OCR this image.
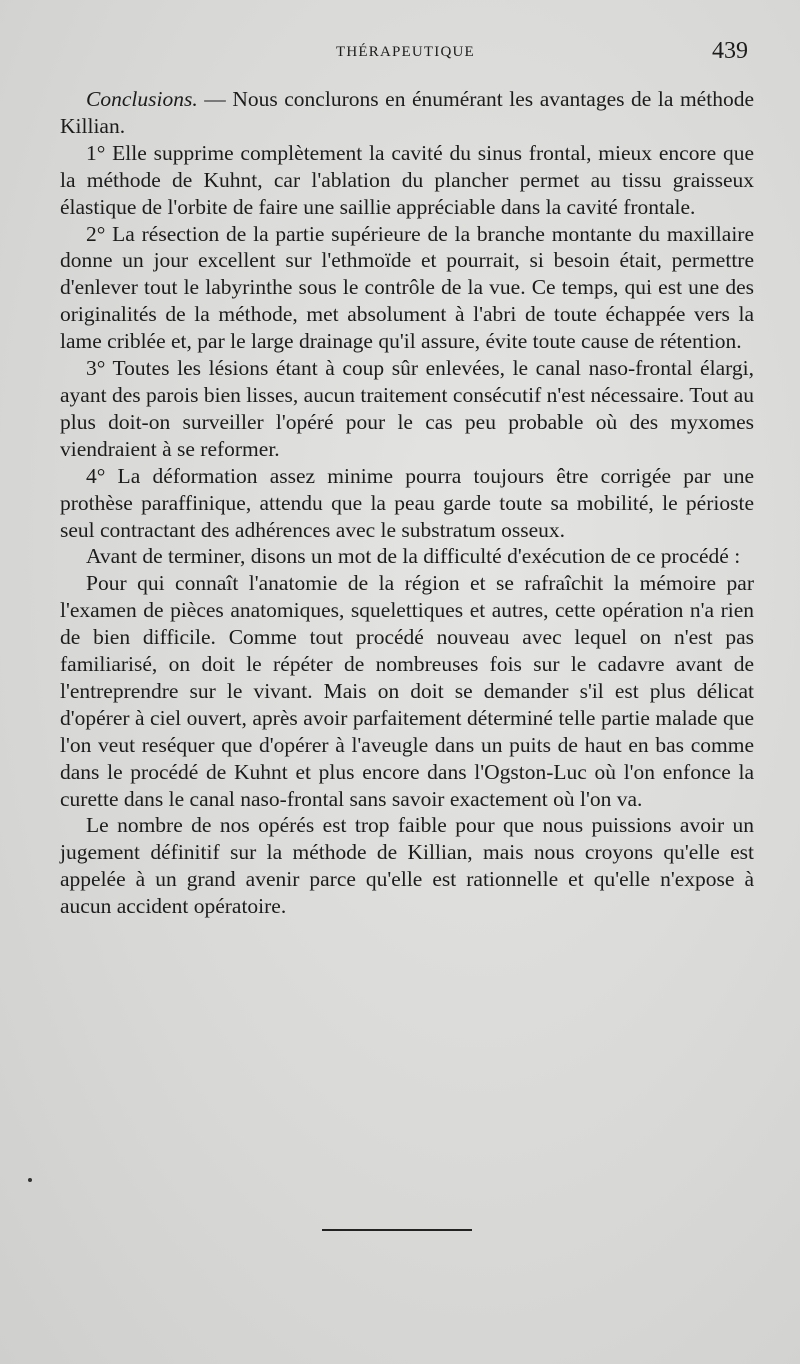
THÉRAPEUTIQUE	439

Conclusions. — Nous conclurons en énumérant les avantages de la méthode Killian.

1° Elle supprime complètement la cavité du sinus frontal, mieux encore que la méthode de Kuhnt, car l'ablation du plancher permet au tissu graisseux élastique de l'orbite de faire une saillie appréciable dans la cavité frontale.

2° La résection de la partie supérieure de la branche montante du maxillaire donne un jour excellent sur l'ethmoïde et pourrait, si besoin était, permettre d'enlever tout le labyrinthe sous le contrôle de la vue. Ce temps, qui est une des originalités de la méthode, met absolument à l'abri de toute échappée vers la lame criblée et, par le large drainage qu'il assure, évite toute cause de rétention.

3° Toutes les lésions étant à coup sûr enlevées, le canal naso-frontal élargi, ayant des parois bien lisses, aucun traitement consécutif n'est nécessaire. Tout au plus doit-on surveiller l'opéré pour le cas peu probable où des myxomes viendraient à se reformer.

4° La déformation assez minime pourra toujours être corrigée par une prothèse paraffinique, attendu que la peau garde toute sa mobilité, le périoste seul contractant des adhérences avec le substratum osseux.

Avant de terminer, disons un mot de la difficulté d'exécution de ce procédé :

Pour qui connaît l'anatomie de la région et se rafraîchit la mémoire par l'examen de pièces anatomiques, squelettiques et autres, cette opération n'a rien de bien difficile. Comme tout procédé nouveau avec lequel on n'est pas familiarisé, on doit le répéter de nombreuses fois sur le cadavre avant de l'entreprendre sur le vivant. Mais on doit se demander s'il est plus délicat d'opérer à ciel ouvert, après avoir parfaitement déterminé telle partie malade que l'on veut reséquer que d'opérer à l'aveugle dans un puits de haut en bas comme dans le procédé de Kuhnt et plus encore dans l'Ogston-Luc où l'on enfonce la curette dans le canal naso-frontal sans savoir exactement où l'on va.

Le nombre de nos opérés est trop faible pour que nous puissions avoir un jugement définitif sur la méthode de Killian, mais nous croyons qu'elle est appelée à un grand avenir parce qu'elle est rationnelle et qu'elle n'expose à aucun accident opératoire.
